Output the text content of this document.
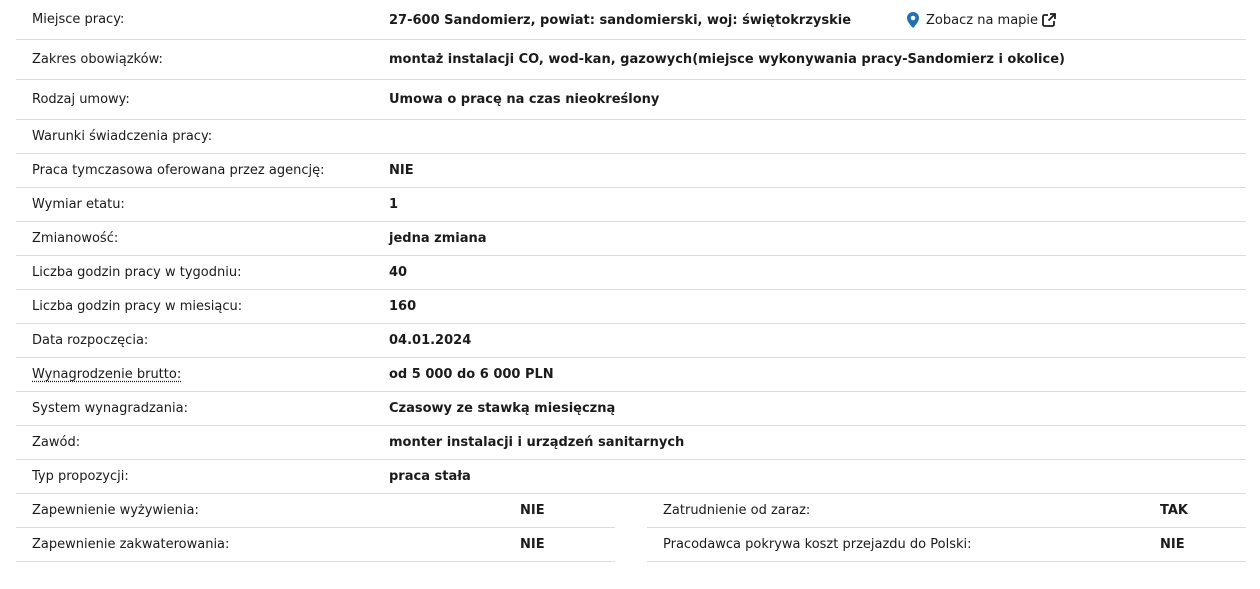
Miejsce pracy:	27-600 Sandomierz, powiat: sandomierski, woj: świętokrzyskie	Zobacz na mapie
Zakres obowiązków:	montaż instalacji CO, wod-kan, gazowych(miejsce wykonywania pracy-Sandomierz i okolice)
Rodzaj umowy:	Umowa o pracę na czas nieokreślony
Warunki świadczenia pracy:
Praca tymczasowa oferowana przez agencję:	NIE
Wymiar etatu:	1
Zmianowość:	jedna zmiana
Liczba godzin pracy w tygodniu:	40
Liczba godzin pracy w miesiącu:	160
Data rozpoczęcia:	04.01.2024
Wynagrodzenie brutto:	od 5 000 do 6 000 PLN
System wynagradzania:	Czasowy ze stawką miesięczną
Zawód:	monter instalacji i urządzeń sanitarnych
Typ propozycji:	praca stała
Zapewnienie wyżywienia:	NIE
Zapewnienie zakwaterowania:	NIE
Zatrudnienie od zaraz:	TAK
Pracodawca pokrywa koszt przejazdu do Polski:	NIE
